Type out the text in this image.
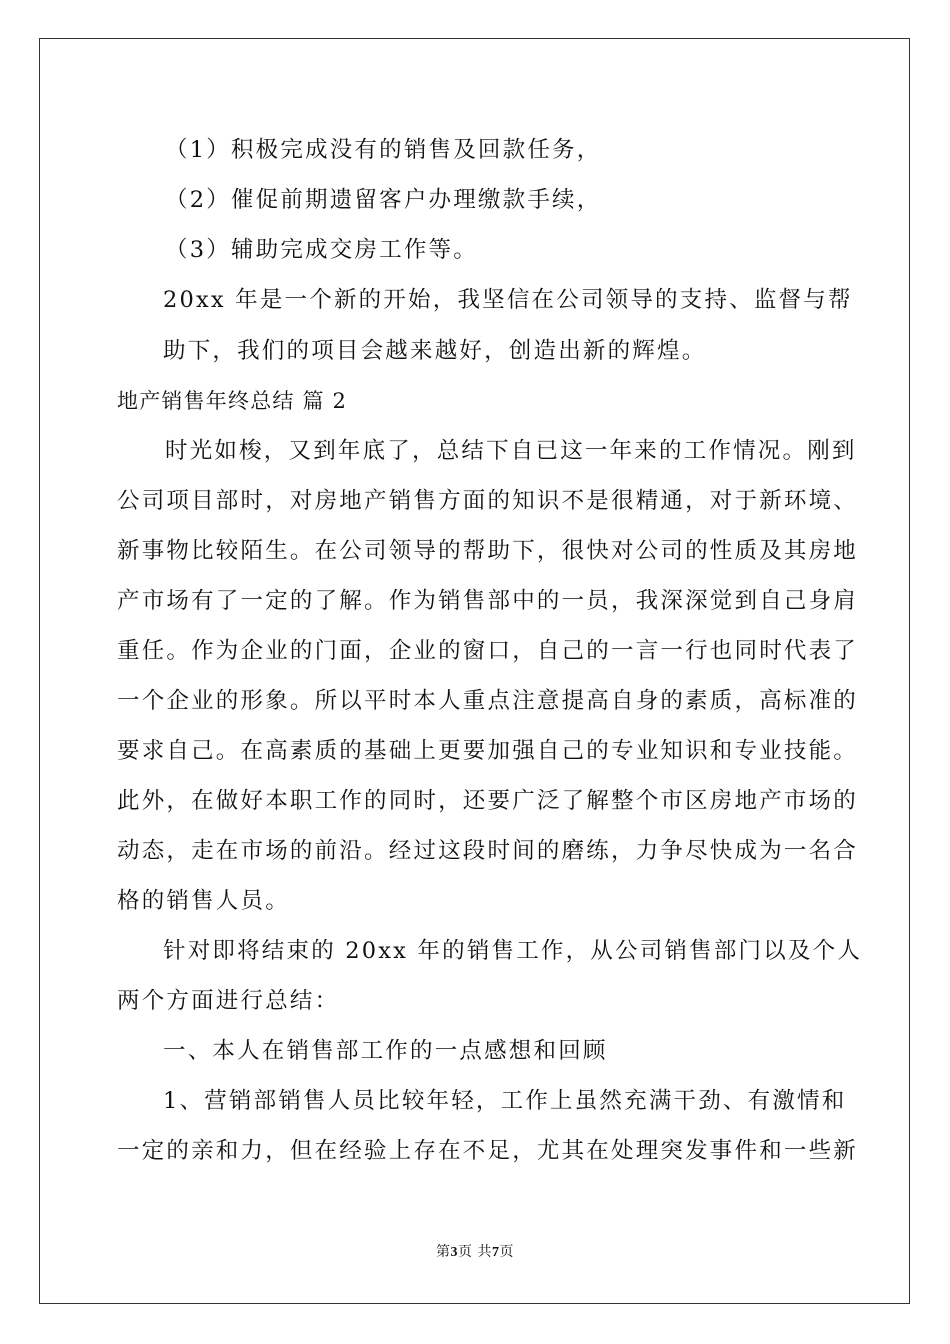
（1）积极完成没有的销售及回款任务，
（2）催促前期遗留客户办理缴款手续，
（3）辅助完成交房工作等。
20xx 年是一个新的开始，我坚信在公司领导的支持、监督与帮
助下，我们的项目会越来越好，创造出新的辉煌。
地产销售年终总结 篇 2
时光如梭，又到年底了，总结下自已这一年来的工作情况。刚到
公司项目部时，对房地产销售方面的知识不是很精通，对于新环境、
新事物比较陌生。在公司领导的帮助下，很快对公司的性质及其房地
产市场有了一定的了解。作为销售部中的一员，我深深觉到自己身肩
重任。作为企业的门面，企业的窗口，自己的一言一行也同时代表了
一个企业的形象。所以平时本人重点注意提高自身的素质，高标准的
要求自己。在高素质的基础上更要加强自己的专业知识和专业技能。
此外，在做好本职工作的同时，还要广泛了解整个市区房地产市场的
动态，走在市场的前沿。经过这段时间的磨练，力争尽快成为一名合
格的销售人员。
针对即将结束的 20xx 年的销售工作，从公司销售部门以及个人
两个方面进行总结：
一、本人在销售部工作的一点感想和回顾
1、营销部销售人员比较年轻，工作上虽然充满干劲、有激情和
一定的亲和力，但在经验上存在不足，尤其在处理突发事件和一些新
第3页 共7页
